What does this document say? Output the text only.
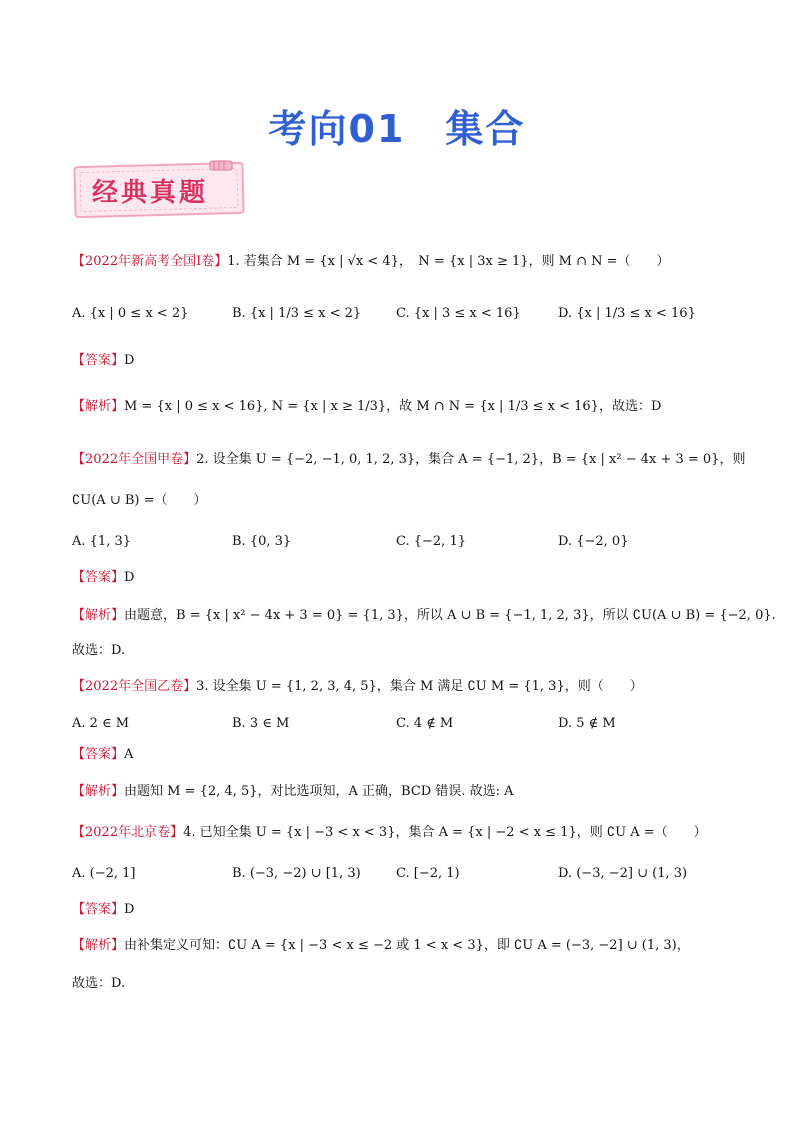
考向01　集合
经典真题
【2022年新高考全国Ⅰ卷】1. 若集合 M = {x | √x < 4}，　N = {x | 3x ≥ 1}，则 M ∩ N =（　　）
A. {x | 0 ≤ x < 2}	B. {x | 1/3 ≤ x < 2}	C. {x | 3 ≤ x < 16}	D. {x | 1/3 ≤ x < 16}
【答案】D
【解析】M = {x | 0 ≤ x < 16}, N = {x | x ≥ 1/3}，故 M ∩ N = {x | 1/3 ≤ x < 16}，故选：D
【2022年全国甲卷】2. 设全集 U = {−2, −1, 0, 1, 2, 3}，集合 A = {−1, 2}，B = {x | x² − 4x + 3 = 0}，则
∁U(A ∪ B) =（　　）
A. {1, 3}	B. {0, 3}	C. {−2, 1}	D. {−2, 0}
【答案】D
【解析】由题意，B = {x | x² − 4x + 3 = 0} = {1, 3}，所以 A ∪ B = {−1, 1, 2, 3}，所以 ∁U(A ∪ B) = {−2, 0}.
故选：D.
【2022年全国乙卷】3. 设全集 U = {1, 2, 3, 4, 5}，集合 M 满足 ∁U M = {1, 3}，则（　　）
A. 2 ∈ M	B. 3 ∈ M	C. 4 ∉ M	D. 5 ∉ M
【答案】A
【解析】由题知 M = {2, 4, 5}，对比选项知，A 正确，BCD 错误. 故选: A
【2022年北京卷】4. 已知全集 U = {x | −3 < x < 3}，集合 A = {x | −2 < x ≤ 1}，则 ∁U A =（　　）
A. (−2, 1]	B. (−3, −2) ∪ [1, 3)	C. [−2, 1)	D. (−3, −2] ∪ (1, 3)
【答案】D
【解析】由补集定义可知：∁U A = {x | −3 < x ≤ −2 或 1 < x < 3}，即 ∁U A = (−3, −2] ∪ (1, 3)，
故选：D.
